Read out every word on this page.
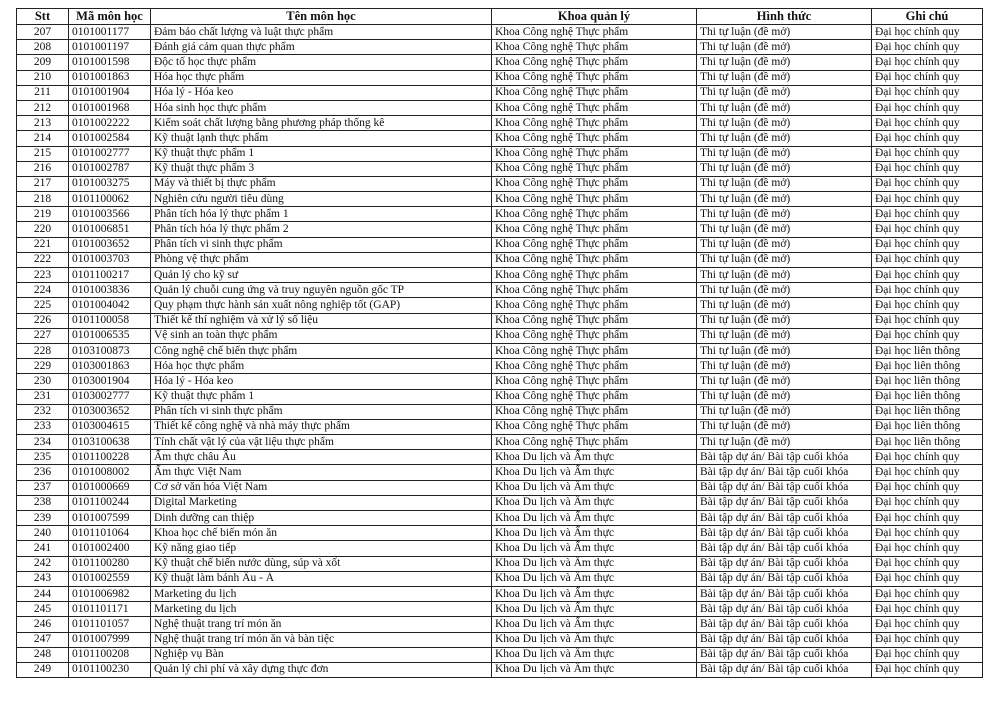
Stt	Mã môn học	Tên môn học	Khoa quản lý	Hình thức	Ghi chú
207	0101001177	Đảm bảo chất lượng và luật thực phẩm	Khoa Công nghệ Thực phẩm	Thi tự luận (đề mở)	Đại học chính quy
208	0101001197	Đánh giá cảm quan thực phẩm	Khoa Công nghệ Thực phẩm	Thi tự luận (đề mở)	Đại học chính quy
209	0101001598	Độc tố học thực phẩm	Khoa Công nghệ Thực phẩm	Thi tự luận (đề mở)	Đại học chính quy
210	0101001863	Hóa học thực phẩm	Khoa Công nghệ Thực phẩm	Thi tự luận (đề mở)	Đại học chính quy
211	0101001904	Hóa lý - Hóa keo	Khoa Công nghệ Thực phẩm	Thi tự luận (đề mở)	Đại học chính quy
212	0101001968	Hóa sinh học thực phẩm	Khoa Công nghệ Thực phẩm	Thi tự luận (đề mở)	Đại học chính quy
213	0101002222	Kiểm soát chất lượng bằng phương pháp thống kê	Khoa Công nghệ Thực phẩm	Thi tự luận (đề mở)	Đại học chính quy
214	0101002584	Kỹ thuật lạnh thực phẩm	Khoa Công nghệ Thực phẩm	Thi tự luận (đề mở)	Đại học chính quy
215	0101002777	Kỹ thuật thực phẩm 1	Khoa Công nghệ Thực phẩm	Thi tự luận (đề mở)	Đại học chính quy
216	0101002787	Kỹ thuật thực phẩm 3	Khoa Công nghệ Thực phẩm	Thi tự luận (đề mở)	Đại học chính quy
217	0101003275	Máy và thiết bị thực phẩm	Khoa Công nghệ Thực phẩm	Thi tự luận (đề mở)	Đại học chính quy
218	0101100062	Nghiên cứu người tiêu dùng	Khoa Công nghệ Thực phẩm	Thi tự luận (đề mở)	Đại học chính quy
219	0101003566	Phân tích hóa lý thực phẩm 1	Khoa Công nghệ Thực phẩm	Thi tự luận (đề mở)	Đại học chính quy
220	0101006851	Phân tích hóa lý thực phẩm 2	Khoa Công nghệ Thực phẩm	Thi tự luận (đề mở)	Đại học chính quy
221	0101003652	Phân tích vi sinh thực phẩm	Khoa Công nghệ Thực phẩm	Thi tự luận (đề mở)	Đại học chính quy
222	0101003703	Phòng vệ thực phẩm	Khoa Công nghệ Thực phẩm	Thi tự luận (đề mở)	Đại học chính quy
223	0101100217	Quản lý cho kỹ sư	Khoa Công nghệ Thực phẩm	Thi tự luận (đề mở)	Đại học chính quy
224	0101003836	Quản lý chuỗi cung ứng và truy nguyên nguồn gốc TP	Khoa Công nghệ Thực phẩm	Thi tự luận (đề mở)	Đại học chính quy
225	0101004042	Quy phạm thực hành sản xuất nông nghiệp tốt (GAP)	Khoa Công nghệ Thực phẩm	Thi tự luận (đề mở)	Đại học chính quy
226	0101100058	Thiết kế thí nghiệm và xử lý số liệu	Khoa Công nghệ Thực phẩm	Thi tự luận (đề mở)	Đại học chính quy
227	0101006535	Vệ sinh an toàn thực phẩm	Khoa Công nghệ Thực phẩm	Thi tự luận (đề mở)	Đại học chính quy
228	0103100873	Công nghệ chế biến thực phẩm	Khoa Công nghệ Thực phẩm	Thi tự luận (đề mở)	Đại học liên thông
229	0103001863	Hóa học thực phẩm	Khoa Công nghệ Thực phẩm	Thi tự luận (đề mở)	Đại học liên thông
230	0103001904	Hóa lý - Hóa keo	Khoa Công nghệ Thực phẩm	Thi tự luận (đề mở)	Đại học liên thông
231	0103002777	Kỹ thuật thực phẩm 1	Khoa Công nghệ Thực phẩm	Thi tự luận (đề mở)	Đại học liên thông
232	0103003652	Phân tích vi sinh thực phẩm	Khoa Công nghệ Thực phẩm	Thi tự luận (đề mở)	Đại học liên thông
233	0103004615	Thiết kế công nghệ và nhà máy thực phẩm	Khoa Công nghệ Thực phẩm	Thi tự luận (đề mở)	Đại học liên thông
234	0103100638	Tính chất vật lý của vật liệu thực phẩm	Khoa Công nghệ Thực phẩm	Thi tự luận (đề mở)	Đại học liên thông
235	0101100228	Ẩm thực châu Âu	Khoa Du lịch và Ẩm thực	Bài tập dự án/ Bài tập cuối khóa	Đại học chính quy
236	0101008002	Ẩm thực Việt Nam	Khoa Du lịch và Ẩm thực	Bài tập dự án/ Bài tập cuối khóa	Đại học chính quy
237	0101000669	Cơ sở văn hóa Việt Nam	Khoa Du lịch và Ẩm thực	Bài tập dự án/ Bài tập cuối khóa	Đại học chính quy
238	0101100244	Digital Marketing	Khoa Du lịch và Ẩm thực	Bài tập dự án/ Bài tập cuối khóa	Đại học chính quy
239	0101007599	Dinh dưỡng can thiệp	Khoa Du lịch và Ẩm thực	Bài tập dự án/ Bài tập cuối khóa	Đại học chính quy
240	0101101064	Khoa học chế biến món ăn	Khoa Du lịch và Ẩm thực	Bài tập dự án/ Bài tập cuối khóa	Đại học chính quy
241	0101002400	Kỹ năng giao tiếp	Khoa Du lịch và Ẩm thực	Bài tập dự án/ Bài tập cuối khóa	Đại học chính quy
242	0101100280	Kỹ thuật chế biến nước dùng, súp và xốt	Khoa Du lịch và Ẩm thực	Bài tập dự án/ Bài tập cuối khóa	Đại học chính quy
243	0101002559	Kỹ thuật làm bánh Âu - Á	Khoa Du lịch và Ẩm thực	Bài tập dự án/ Bài tập cuối khóa	Đại học chính quy
244	0101006982	Marketing du lịch	Khoa Du lịch và Ẩm thực	Bài tập dự án/ Bài tập cuối khóa	Đại học chính quy
245	0101101171	Marketing du lịch	Khoa Du lịch và Ẩm thực	Bài tập dự án/ Bài tập cuối khóa	Đại học chính quy
246	0101101057	Nghệ thuật trang trí món ăn	Khoa Du lịch và Ẩm thực	Bài tập dự án/ Bài tập cuối khóa	Đại học chính quy
247	0101007999	Nghệ thuật trang trí món ăn và bàn tiệc	Khoa Du lịch và Ẩm thực	Bài tập dự án/ Bài tập cuối khóa	Đại học chính quy
248	0101100208	Nghiệp vụ Bàn	Khoa Du lịch và Ẩm thực	Bài tập dự án/ Bài tập cuối khóa	Đại học chính quy
249	0101100230	Quản lý chi phí và xây dựng thực đơn	Khoa Du lịch và Ẩm thực	Bài tập dự án/ Bài tập cuối khóa	Đại học chính quy
